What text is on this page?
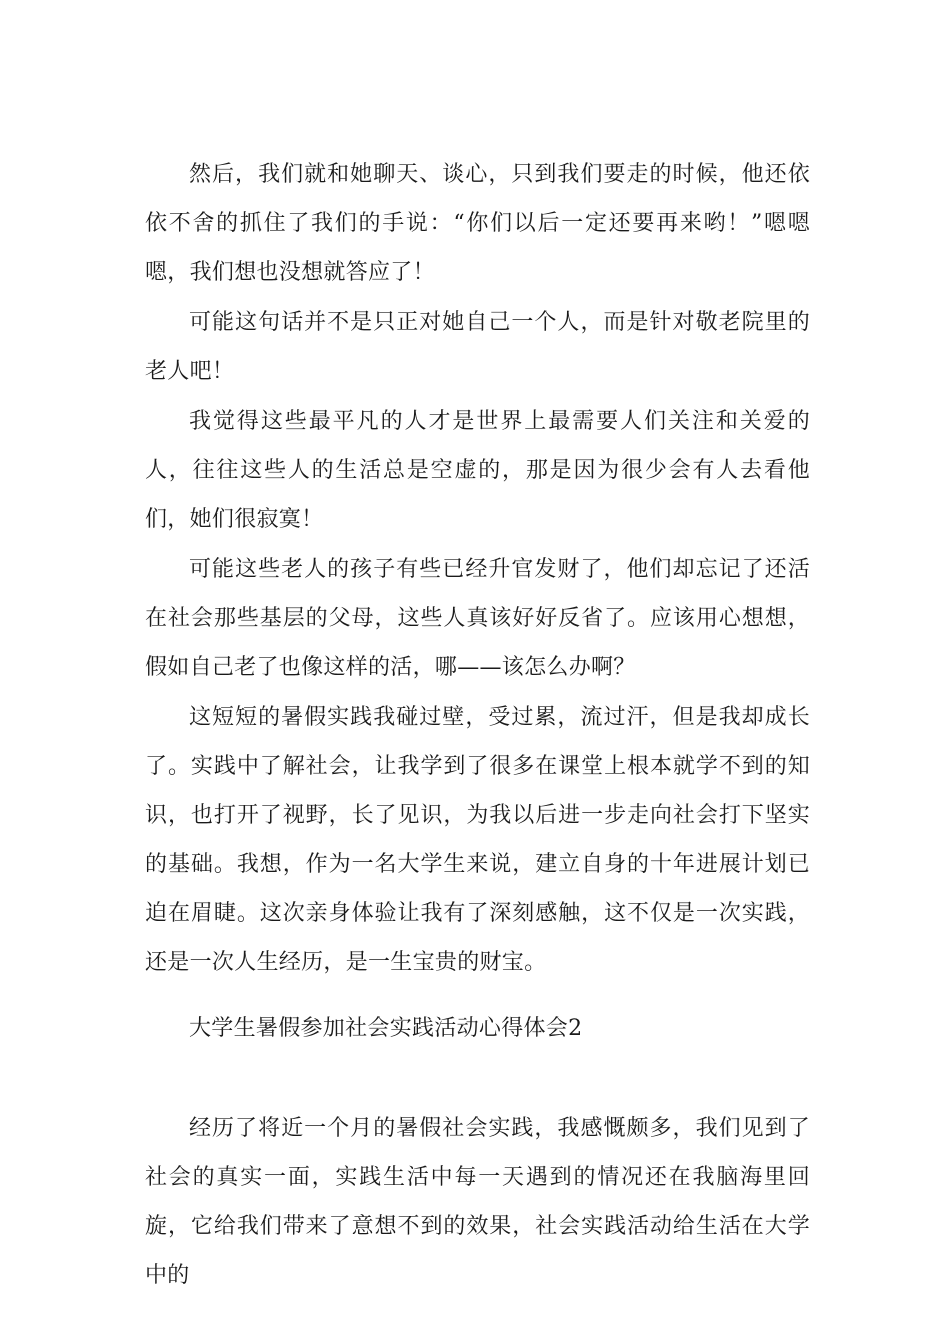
然后，我们就和她聊天、谈心，只到我们要走的时候，他还依依不舍的抓住了我们的手说：“你们以后一定还要再来哟！”嗯嗯嗯，我们想也没想就答应了！

可能这句话并不是只正对她自己一个人，而是针对敬老院里的老人吧！

我觉得这些最平凡的人才是世界上最需要人们关注和关爱的人，往往这些人的生活总是空虚的，那是因为很少会有人去看他们，她们很寂寞！

可能这些老人的孩子有些已经升官发财了，他们却忘记了还活在社会那些基层的父母，这些人真该好好反省了。应该用心想想，假如自己老了也像这样的活，哪——该怎么办啊？

这短短的暑假实践我碰过壁，受过累，流过汗，但是我却成长了。实践中了解社会，让我学到了很多在课堂上根本就学不到的知识，也打开了视野，长了见识，为我以后进一步走向社会打下坚实的基础。我想，作为一名大学生来说，建立自身的十年进展计划已迫在眉睫。这次亲身体验让我有了深刻感触，这不仅是一次实践，还是一次人生经历，是一生宝贵的财宝。

大学生暑假参加社会实践活动心得体会2

经历了将近一个月的暑假社会实践，我感慨颇多，我们见到了社会的真实一面，实践生活中每一天遇到的情况还在我脑海里回旋，它给我们带来了意想不到的效果，社会实践活动给生活在大学中的
